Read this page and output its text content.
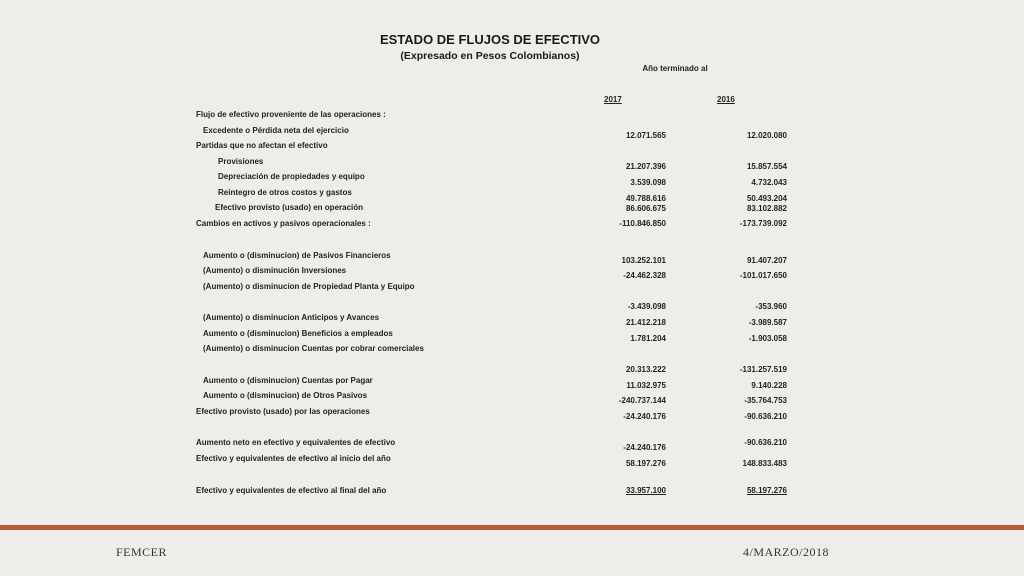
ESTADO DE FLUJOS DE EFECTIVO
(Expresado en Pesos Colombianos)
Año terminado al
2017	2016
Flujo de efectivo proveniente de las operaciones :
Excedente o Pérdida neta del ejercicio
Partidas que no afectan el efectivo
Provisiones
Depreciación de propiedades y equipo
Reintegro de otros costos y gastos
Efectivo provisto (usado) en operación
Cambios en activos y pasivos operacionales :
Aumento o (disminucion) de Pasivos Financieros
(Aumento) o disminución Inversiones
(Aumento) o disminucion de Propiedad Planta y Equipo
(Aumento) o disminucion Anticipos y Avances
Aumento o (disminucion) Beneficios a empleados
(Aumento) o disminucion Cuentas por cobrar comerciales
Aumento o (disminucion) Cuentas por Pagar
Aumento o (disminucion) de Otros Pasivos
Efectivo provisto (usado) por las operaciones
Aumento neto en efectivo y equivalentes de efectivo
Efectivo y equivalentes de efectivo al inicio del año
Efectivo y equivalentes de efectivo al final del año
12.071.565
21.207.396
3.539.098
49.788.616
86.606.675
-110.846.850
103.252.101
-24.462.328
-3.439.098
21.412.218
1.781.204
20.313.222
11.032.975
-240.737.144
-24.240.176
-24.240.176
58.197.276
33.957.100
12.020.080
15.857.554
4.732.043
50.493.204
83.102.882
-173.739.092
91.407.207
-101.017.650
-353.960
-3.989.587
-1.903.058
-131.257.519
9.140.228
-35.764.753
-90.636.210
-90.636.210
148.833.483
58.197.276
FEMCER	4/MARZO/2018
